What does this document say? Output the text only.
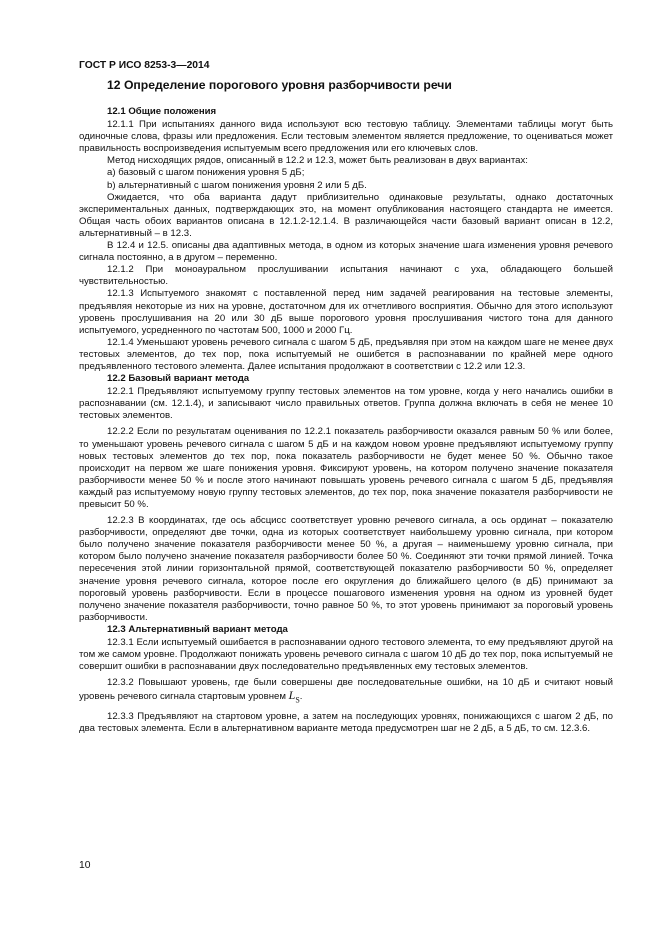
ГОСТ Р ИСО 8253-3—2014
12 Определение порогового уровня разборчивости речи
12.1 Общие положения

12.1.1 При испытаниях данного вида используют всю тестовую таблицу. Элементами таблицы могут быть одиночные слова, фразы или предложения. Если тестовым элементом является предложение, то оцениваться может правильность воспроизведения испытуемым всего предложения или его ключевых слов.

Метод нисходящих рядов, описанный в 12.2 и 12.3, может быть реализован в двух вариантах:

а) базовый с шагом понижения уровня 5 дБ;

b) альтернативный с шагом понижения уровня 2 или 5 дБ.

Ожидается, что оба варианта дадут приблизительно одинаковые результаты, однако достаточных экспериментальных данных, подтверждающих это, на момент опубликования настоящего стандарта не имеется. Общая часть обоих вариантов описана в 12.1.2-12.1.4. В различающейся части базовый вариант описан в 12.2, альтернативный – в 12.3.

В 12.4 и 12.5. описаны два адаптивных метода, в одном из которых значение шага изменения уровня речевого сигнала постоянно, а в другом – переменно.

12.1.2 При моноауральном прослушивании испытания начинают с уха, обладающего большей чувствительностью.

12.1.3 Испытуемого знакомят с поставленной перед ним задачей реагирования на тестовые элементы, предъявляя некоторые из них на уровне, достаточном для их отчетливого восприятия. Обычно для этого используют уровень прослушивания на 20 или 30 дБ выше порогового уровня прослушивания чистого тона для данного испытуемого, усредненного по частотам 500, 1000 и 2000 Гц.

12.1.4 Уменьшают уровень речевого сигнала с шагом 5 дБ, предъявляя при этом на каждом шаге не менее двух тестовых элементов, до тех пор, пока испытуемый не ошибется в распознавании по крайней мере одного предъявленного тестового элемента. Далее испытания продолжают в соответствии с 12.2 или 12.3.

12.2 Базовый вариант метода

12.2.1 Предъявляют испытуемому группу тестовых элементов на том уровне, когда у него начались ошибки в распознавании (см. 12.1.4), и записывают число правильных ответов. Группа должна включать в себя не менее 10 тестовых элементов.

12.2.2 Если по результатам оценивания по 12.2.1 показатель разборчивости оказался равным 50 % или более, то уменьшают уровень речевого сигнала с шагом 5 дБ и на каждом новом уровне предъявляют испытуемому группу новых тестовых элементов до тех пор, пока показатель разборчивости не будет менее 50 %. Обычно такое происходит на первом же шаге понижения уровня. Фиксируют уровень, на котором получено значение показателя разборчивости менее 50 % и после этого начинают повышать уровень речевого сигнала с шагом 5 дБ, предъявляя каждый раз испытуемому новую группу тестовых элементов, до тех пор, пока значение показателя разборчивости не превысит 50 %.

12.2.3 В координатах, где ось абсцисс соответствует уровню речевого сигнала, а ось ординат – показателю разборчивости, определяют две точки, одна из которых соответствует наибольшему уровню сигнала, при котором было получено значение показателя разборчивости менее 50 %, а другая – наименьшему уровню сигнала, при котором было получено значение показателя разборчивости более 50 %. Соединяют эти точки прямой линией. Точка пересечения этой линии горизонтальной прямой, соответствующей показателю разборчивости 50 %, определяет значение уровня речевого сигнала, которое после его округления до ближайшего целого (в дБ) принимают за пороговый уровень разборчивости. Если в процессе пошагового изменения уровня на одном из уровней будет получено значение показателя разборчивости, точно равное 50 %, то этот уровень принимают за пороговый уровень разборчивости.

12.3 Альтернативный вариант метода

12.3.1 Если испытуемый ошибается в распознавании одного тестового элемента, то ему предъявляют другой на том же самом уровне. Продолжают понижать уровень речевого сигнала с шагом 10 дБ до тех пор, пока испытуемый не совершит ошибки в распознавании двух последовательно предъявленных ему тестовых элементов.

12.3.2 Повышают уровень, где были совершены две последовательные ошибки, на 10 дБ и считают новый уровень речевого сигнала стартовым уровнем $L_S$.

12.3.3 Предъявляют на стартовом уровне, а затем на последующих уровнях, понижающихся с шагом 2 дБ, по два тестовых элемента. Если в альтернативном варианте метода предусмотрен шаг не 2 дБ, а 5 дБ, то см. 12.3.6.

10
